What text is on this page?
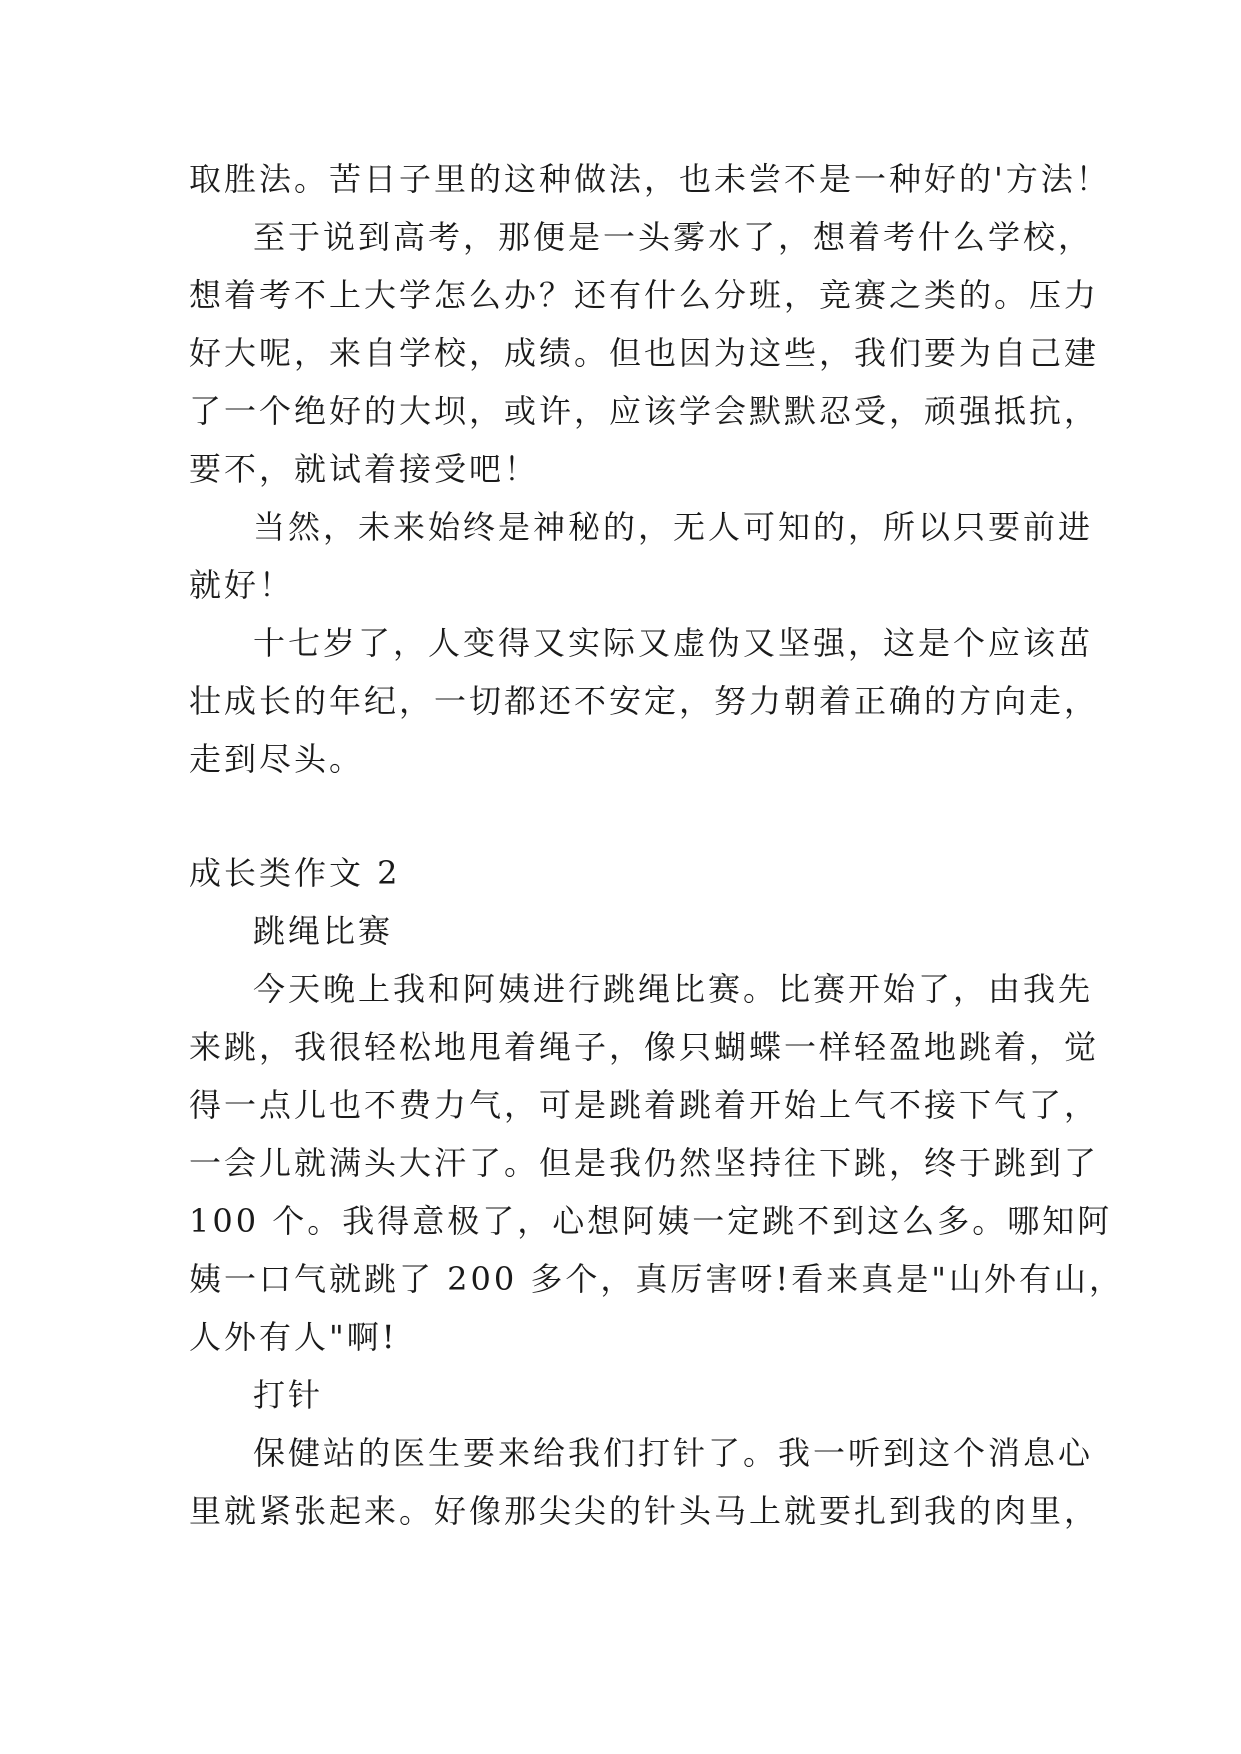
取胜法。苦日子里的这种做法，也未尝不是一种好的'方法！
至于说到高考，那便是一头雾水了，想着考什么学校，
想着考不上大学怎么办？还有什么分班，竞赛之类的。压力
好大呢，来自学校，成绩。但也因为这些，我们要为自己建
了一个绝好的大坝，或许，应该学会默默忍受，顽强抵抗，
要不，就试着接受吧！
当然，未来始终是神秘的，无人可知的，所以只要前进
就好！
十七岁了，人变得又实际又虚伪又坚强，这是个应该茁
壮成长的年纪，一切都还不安定，努力朝着正确的方向走，
走到尽头。
成长类作文 2
跳绳比赛
今天晚上我和阿姨进行跳绳比赛。比赛开始了，由我先
来跳，我很轻松地甩着绳子，像只蝴蝶一样轻盈地跳着，觉
得一点儿也不费力气，可是跳着跳着开始上气不接下气了，
一会儿就满头大汗了。但是我仍然坚持往下跳，终于跳到了
100 个。我得意极了，心想阿姨一定跳不到这么多。哪知阿
姨一口气就跳了 200 多个，真厉害呀!看来真是"山外有山，
人外有人"啊!
打针
保健站的医生要来给我们打针了。我一听到这个消息心
里就紧张起来。好像那尖尖的针头马上就要扎到我的肉里，
